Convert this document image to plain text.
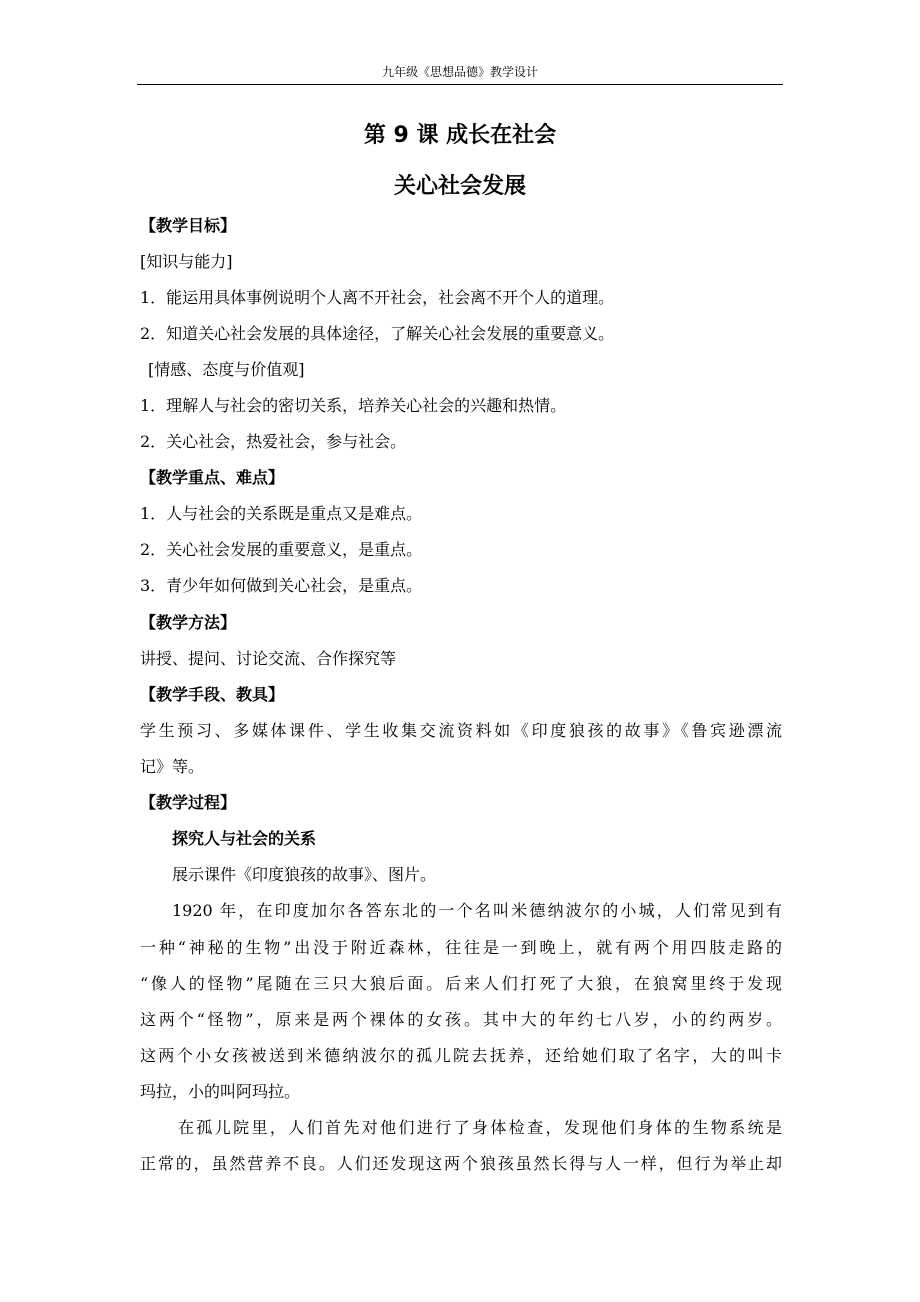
九年级《思想品德》教学设计
第 9 课 成长在社会
关心社会发展
【教学目标】
[知识与能力]
1．能运用具体事例说明个人离不开社会，社会离不开个人的道理。
2．知道关心社会发展的具体途径，了解关心社会发展的重要意义。
[情感、态度与价值观]
1．理解人与社会的密切关系，培养关心社会的兴趣和热情。
2．关心社会，热爱社会，参与社会。
【教学重点、难点】
1．人与社会的关系既是重点又是难点。
2．关心社会发展的重要意义，是重点。
3．青少年如何做到关心社会，是重点。
【教学方法】
讲授、提问、讨论交流、合作探究等
【教学手段、教具】
学生预习、多媒体课件、学生收集交流资料如《印度狼孩的故事》《鲁宾逊漂流
记》等。
【教学过程】
探究人与社会的关系
展示课件《印度狼孩的故事》、图片。
1920 年，在印度加尔各答东北的一个名叫米德纳波尔的小城，人们常见到有
一种“神秘的生物”出没于附近森林，往往是一到晚上，就有两个用四肢走路的
“像人的怪物”尾随在三只大狼后面。后来人们打死了大狼，在狼窝里终于发现
这两个“怪物”，原来是两个裸体的女孩。其中大的年约七八岁，小的约两岁。
这两个小女孩被送到米德纳波尔的孤儿院去抚养，还给她们取了名字，大的叫卡
玛拉，小的叫阿玛拉。
在孤儿院里，人们首先对他们进行了身体检查，发现他们身体的生物系统是
正常的，虽然营养不良。人们还发现这两个狼孩虽然长得与人一样，但行为举止却
